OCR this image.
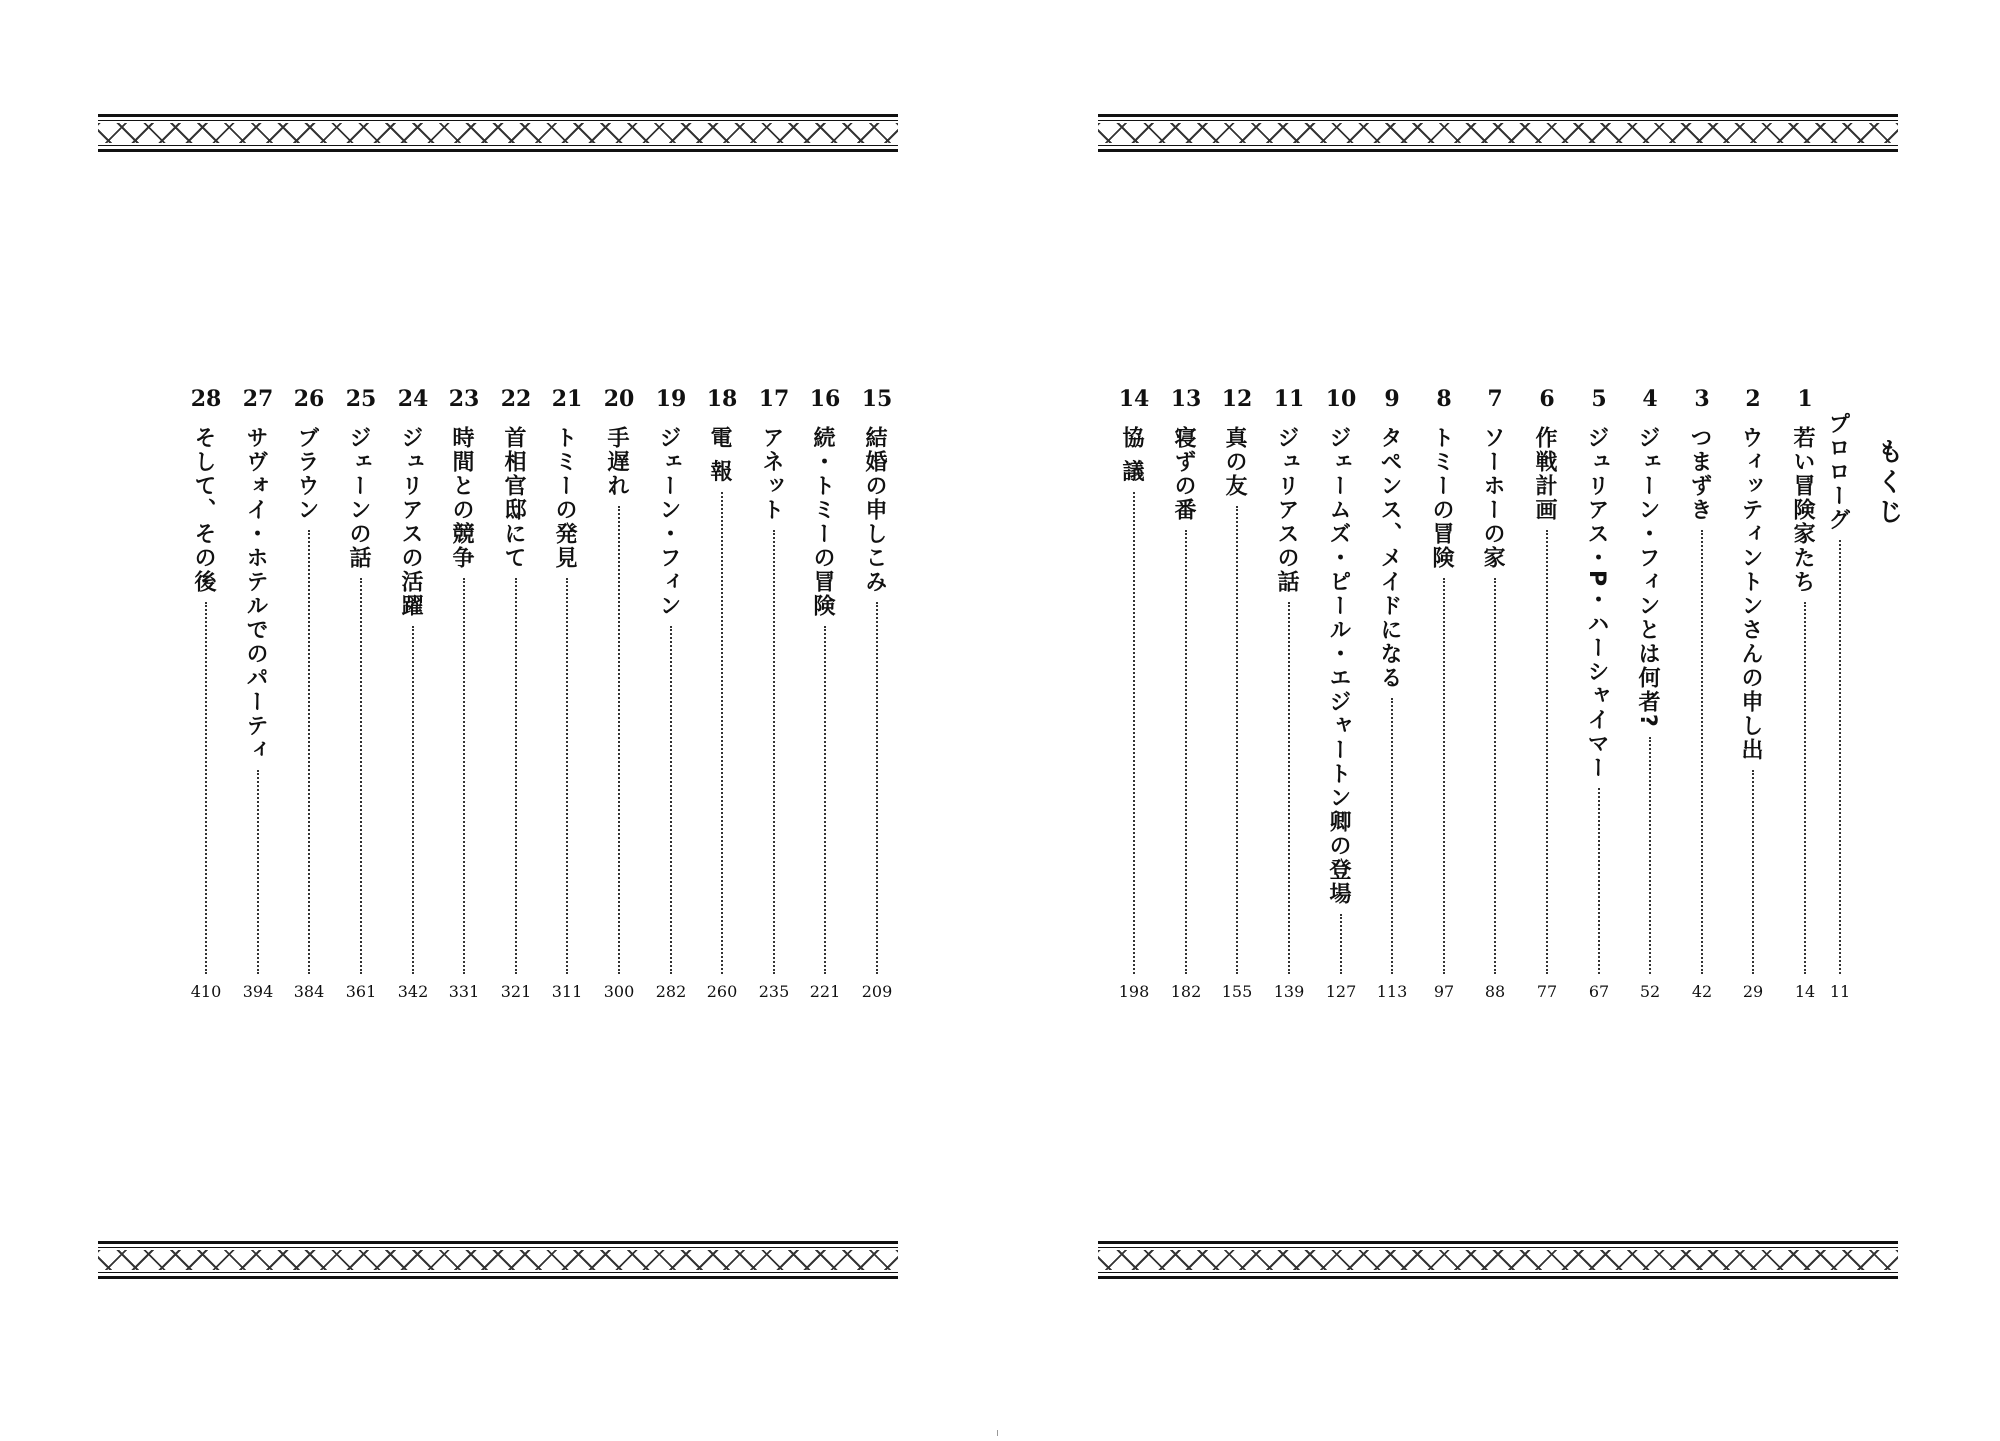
もくじ
プロローグ
11
1
若い冒険家たち
14
2
ウィッティントンさんの申し出
29
3
つまずき
42
4
ジェーン・フィンとは何者?
52
5
ジュリアス・P・ハーシャイマー
67
6
作戦計画
77
7
ソーホーの家
88
8
トミーの冒険
97
9
タペンス、メイドになる
113
10
ジェームズ・ピール・エジャートン卿の登場
127
11
ジュリアスの話
139
12
真の友
155
13
寝ずの番
182
14
協 議
198
15
結婚の申しこみ
209
16
続・トミーの冒険
221
17
アネット
235
18
電 報
260
19
ジェーン・フィン
282
20
手遅れ
300
21
トミーの発見
311
22
首相官邸にて
321
23
時間との競争
331
24
ジュリアスの活躍
342
25
ジェーンの話
361
26
ブラウン
384
27
サヴォイ・ホテルでのパーティ
394
28
そして、その後
410
